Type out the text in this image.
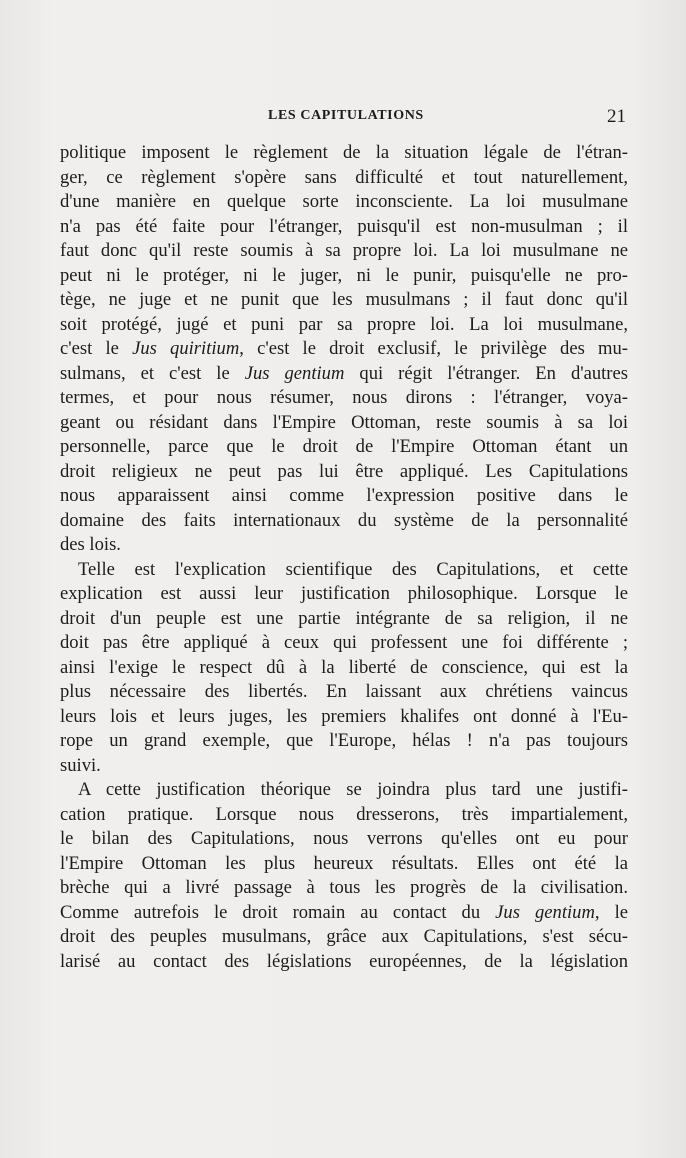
LES CAPITULATIONS	21
politique imposent le règlement de la situation légale de l'étran-
ger, ce règlement s'opère sans difficulté et tout naturellement,
d'une manière en quelque sorte inconsciente. La loi musulmane
n'a pas été faite pour l'étranger, puisqu'il est non-musulman ; il
faut donc qu'il reste soumis à sa propre loi. La loi musulmane ne
peut ni le protéger, ni le juger, ni le punir, puisqu'elle ne pro-
tège, ne juge et ne punit que les musulmans ; il faut donc qu'il
soit protégé, jugé et puni par sa propre loi. La loi musulmane,
c'est le Jus quiritium, c'est le droit exclusif, le privilège des mu-
sulmans, et c'est le Jus gentium qui régit l'étranger. En d'autres
termes, et pour nous résumer, nous dirons : l'étranger, voya-
geant ou résidant dans l'Empire Ottoman, reste soumis à sa loi
personnelle, parce que le droit de l'Empire Ottoman étant un
droit religieux ne peut pas lui être appliqué. Les Capitulations
nous apparaissent ainsi comme l'expression positive dans le
domaine des faits internationaux du système de la personnalité
des lois.
Telle est l'explication scientifique des Capitulations, et cette
explication est aussi leur justification philosophique. Lorsque le
droit d'un peuple est une partie intégrante de sa religion, il ne
doit pas être appliqué à ceux qui professent une foi différente ;
ainsi l'exige le respect dû à la liberté de conscience, qui est la
plus nécessaire des libertés. En laissant aux chrétiens vaincus
leurs lois et leurs juges, les premiers khalifes ont donné à l'Eu-
rope un grand exemple, que l'Europe, hélas ! n'a pas toujours
suivi.
A cette justification théorique se joindra plus tard une justifi-
cation pratique. Lorsque nous dresserons, très impartialement,
le bilan des Capitulations, nous verrons qu'elles ont eu pour
l'Empire Ottoman les plus heureux résultats. Elles ont été la
brèche qui a livré passage à tous les progrès de la civilisation.
Comme autrefois le droit romain au contact du Jus gentium, le
droit des peuples musulmans, grâce aux Capitulations, s'est sécu-
larisé au contact des législations européennes, de la législation
